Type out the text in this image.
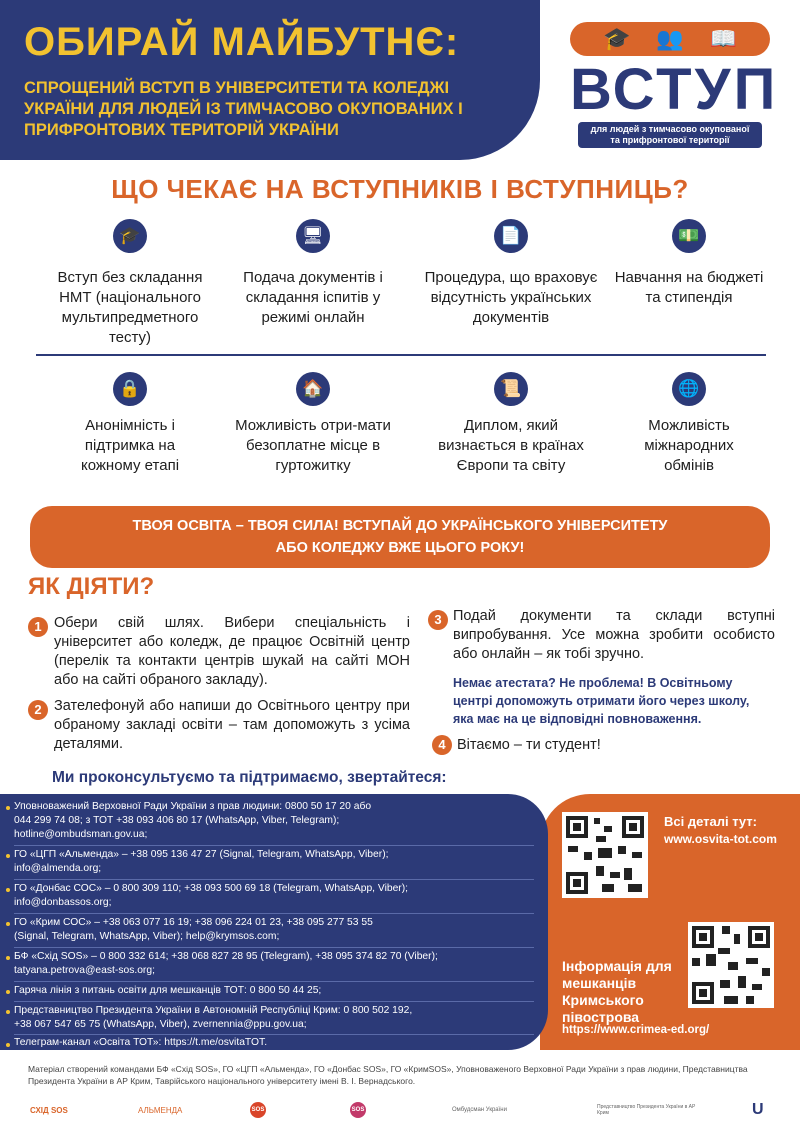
ОБИРАЙ МАЙБУТНЄ:
СПРОЩЕНИЙ ВСТУП В УНІВЕРСИТЕТИ ТА КОЛЕДЖІ УКРАЇНИ ДЛЯ ЛЮДЕЙ ІЗ ТИМЧАСОВО ОКУПОВАНИХ І ПРИФРОНТОВИХ ТЕРИТОРІЙ УКРАЇНИ
🎓 👥 📖
ВСТУП
для людей з тимчасово окупованої
та прифронтової території
ЩО ЧЕКАЄ НА ВСТУПНИКІВ І ВСТУПНИЦЬ?
🎓
Вступ без складання НМТ (національного мультипредметного тесту)
🖥
Подача документів і складання іспитів у режимі онлайн
📄
Процедура, що враховує відсутність українських документів
💵
Навчання на бюджеті та стипендія
🔒
Анонімність і підтримка на кожному етапі
🏠
Можливість отри-мати безоплатне місце в гуртожитку
📜
Диплом, який визнається в країнах Європи та світу
🌐
Можливість міжнародних обмінів
ТВОЯ ОСВІТА – ТВОЯ СИЛА! ВСТУПАЙ ДО УКРАЇНСЬКОГО УНІВЕРСИТЕТУ
АБО КОЛЕДЖУ ВЖЕ ЦЬОГО РОКУ!
ЯК ДІЯТИ?
1 Обери свій шлях. Вибери спеціальність і університет або коледж, де працює Освітній центр (перелік та контакти центрів шукай на сайті МОН або на сайті обраного закладу).
2 Зателефонуй або напиши до Освітнього центру при обраному закладі освіти – там допоможуть з усіма деталями.
3 Подай документи та склади вступні випробування. Усе можна зробити особисто або онлайн – як тобі зручно.
Немає атестата? Не проблема! В Освітньому центрі допоможуть отримати його через школу, яка має на це відповідні повноваження.
4 Вітаємо – ти студент!
Ми проконсультуємо та підтримаємо, звертайтеся:
Всі деталі тут:
www.osvita-tot.com
Інформація для мешканців Кримського півострова
https://www.crimea-ed.org/
Уповноважений Верховної Ради України з прав людини: 0800 50 17 20 або
044 299 74 08; з ТОТ +38 093 406 80 17 (WhatsApp, Viber, Telegram);
hotline@ombudsman.gov.ua;
ГО «ЦГП «Альменда» – +38 095 136 47 27 (Signal, Telegram, WhatsApp, Viber);
info@almenda.org;
ГО «Донбас СОС» – 0 800 309 110; +38 093 500 69 18 (Telegram, WhatsApp, Viber);
info@donbassos.org;
ГО «Крим СОС» – +38 063 077 16 19; +38 096 224 01 23, +38 095 277 53 55
(Signal, Telegram, WhatsApp, Viber); help@krymsos.com;
БФ «Схід SOS» – 0 800 332 614; +38 068 827 28 95 (Telegram), +38 095 374 82 70 (Viber);
tatyana.petrova@east-sos.org;
Гаряча лінія з питань освіти для мешканців ТОТ: 0 800 50 44 25;
Представництво Президента України в Автономній Республіці Крим: 0 800 502 192,
+38 067 547 65 75 (WhatsApp, Viber), zvernennia@ppu.gov.ua;
Телеграм-канал «Освіта ТОТ»: https://t.me/osvitaTOT.
Матеріал створений командами БФ «Схід SOS», ГО «ЦГП «Альменда», ГО «Донбас SOS», ГО «КримSOS», Уповноваженого Верховної Ради України з прав людини, Представництва Президента України в АР Крим, Таврійського національного університету імені В. І. Вернадського.
СХІД SOS	АЛЬМЕНДА	SOS	SOS	Омбудсман України	Представництво Президента України в АР Крим	U
